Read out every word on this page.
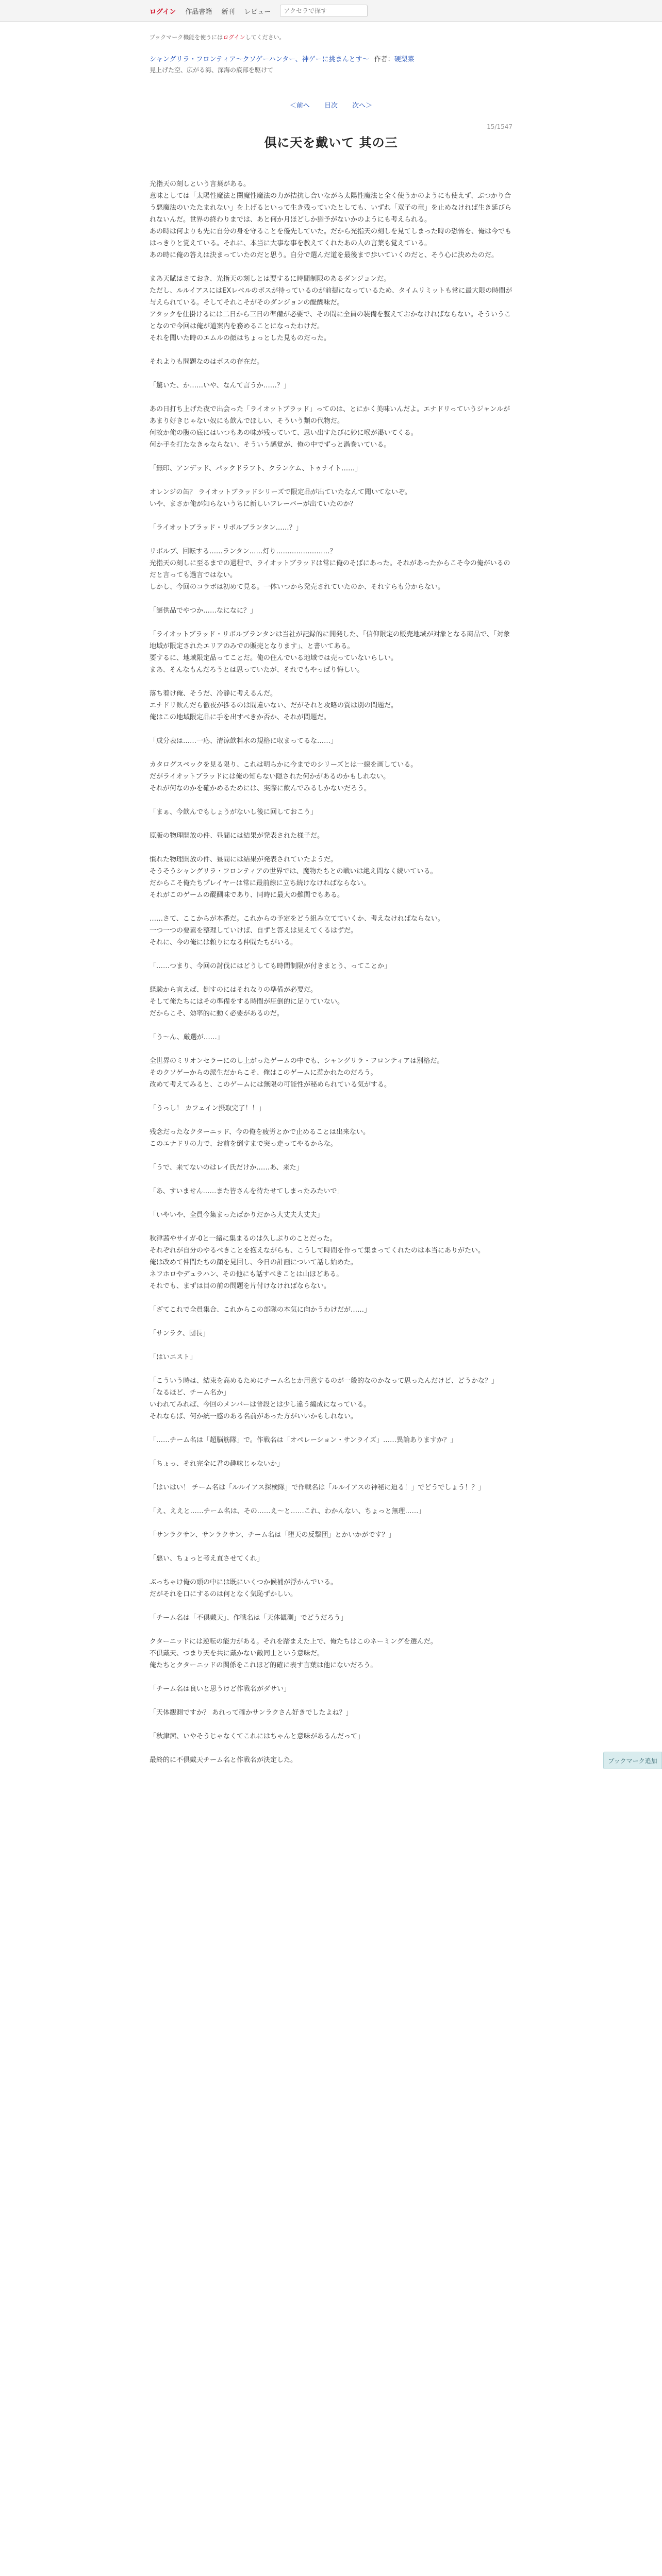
ログイン 作品書籍 新刊 レビュー
アクセラで探す
ブックマーク機能を使うにはログインしてください。
シャングリラ・フロンティア〜クソゲーハンター、神ゲーに挑まんとす〜 作者：硬梨菜
見上げた空、広がる海、深海の底部を駆けて
＜前へ 目次 次へ＞
15/1547
倶に天を戴いて 其の三

光指天の刻しという言葉がある。
意味としては「太陽性魔法と闇魔性魔法の力が拮抗し合いながら太陽性魔法と全く使うかのようにも使えず、ぶつかり合う悪魔法のいたたまれない」を上げるといって生き残っていたとしても、いずれ「双子の竜」を止めなければ生き延びられないんだ。世界の終わりまでは、あと何か月ほどしか猶予がないかのようにも考えられる。
あの時は何よりも先に自分の身を守ることを優先していた。だから光指天の刻しを見てしまった時の恐怖を、俺は今でもはっきりと覚えている。それに、本当に大事な事を教えてくれたあの人の言葉も覚えている。
あの時に俺の答えは決まっていたのだと思う。自分で選んだ道を最後まで歩いていくのだと、そう心に決めたのだ。

まあ天賦はさておき、光指天の刻しとは要するに時間制限のあるダンジョンだ。
ただし、ルルイアスにはEXレベルのボスが待っているのが前提になっているため、タイムリミットも常に最大限の時間が与えられている。そしてそれこそがそのダンジョンの醍醐味だ。
アタックを仕掛けるには二日から三日の準備が必要で、その間に全員の装備を整えておかなければならない。そういうことなので今回は俺が道案内を務めることになったわけだ。
それを聞いた時のエムルの顔はちょっとした見ものだった。

それよりも問題なのはボスの存在だ。

「驚いた、か……いや、なんて言うか……？」

あの日打ち上げた夜で出会った「ライオットブラッド」ってのは、とにかく美味いんだよ。エナドリっていうジャンルがあまり好きじゃない奴にも飲んでほしい、そういう類の代物だ。
何故か俺の腹の底にはいつもあの味が残っていて、思い出すたびに妙に喉が渇いてくる。
何か手を打たなきゃならない、そういう感覚が、俺の中でずっと渦巻いている。

「無印、アンデッド、パックドラフト、クランケム、トゥナイト……」

オレンジの缶？ ライオットブラッドシリーズで限定品が出ていたなんて聞いてないぞ。
いや、まさか俺が知らないうちに新しいフレーバーが出ていたのか？

「ライオットブラッド・リボルブランタン……？」

リボルブ、回転する……ランタン……灯り……………………？
光指天の刻しに至るまでの過程で、ライオットブラッドは常に俺のそばにあった。それがあったからこそ今の俺がいるのだと言っても過言ではない。
しかし、今回のコラボは初めて見る。一体いつから発売されていたのか、それすらも分からない。

「謎供品でやつか……なになに？」

「ライオットブラッド・リボルブランタンは当社が記録的に開発した、「信仰限定の販売地域が対象となる商品で、「対象地域が限定されたエリアのみでの販売となります」、と書いてある。
要するに、地域限定品ってことだ。俺の住んでいる地域では売っていないらしい。
まあ、そんなもんだろうとは思っていたが、それでもやっぱり悔しい。

落ち着け俺、そうだ、冷静に考えるんだ。
エナドリ飲んだら徹夜が捗るのは間違いない、だがそれと攻略の質は別の問題だ。
俺はこの地域限定品に手を出すべきか否か、それが問題だ。

「成分表は……一応、清涼飲料水の規格に収まってるな……」

カタログスペックを見る限り、これは明らかに今までのシリーズとは一線を画している。
だがライオットブラッドには俺の知らない隠された何かがあるのかもしれない。
それが何なのかを確かめるためには、実際に飲んでみるしかないだろう。

「まぁ、今飲んでもしょうがないし後に回しておこう」

原版の物理開放の件、昼間には結果が発表された様子だ。

慣れた物理開放の件、昼間には結果が発表されていたようだ。
そうそうシャングリラ・フロンティアの世界では、魔物たちとの戦いは絶え間なく続いている。
だからこそ俺たちプレイヤーは常に最前線に立ち続けなければならない。
それがこのゲームの醍醐味であり、同時に最大の難関でもある。

……さて、ここからが本番だ。これからの予定をどう組み立てていくか、考えなければならない。
一つ一つの要素を整理していけば、自ずと答えは見えてくるはずだ。
それに、今の俺には頼りになる仲間たちがいる。

「……つまり、今回の討伐にはどうしても時間制限が付きまとう、ってことか」

経験から言えば、倒すのにはそれなりの準備が必要だ。
そして俺たちにはその準備をする時間が圧倒的に足りていない。
だからこそ、効率的に動く必要があるのだ。

「う〜ん、厳選が……」

全世界のミリオンセラーにのし上がったゲームの中でも、シャングリラ・フロンティアは別格だ。
そのクソゲーからの派生だからこそ、俺はこのゲームに惹かれたのだろう。
改めて考えてみると、このゲームには無限の可能性が秘められている気がする。

「うっし！ カフェイン摂取完了！！」

残念だったなクターニッド、今の俺を疲労とかで止めることは出来ない。
このエナドリの力で、お前を倒すまで突っ走ってやるからな。

「うで、来てないのはレイ氏だけか……あ、来た」

「あ、すいません……また皆さんを待たせてしまったみたいで」

「いやいや、全員今集まったばかりだから大丈夫大丈夫」

秋津茜やサイガ-0と一緒に集まるのは久しぶりのことだった。
それぞれが自分のやるべきことを抱えながらも、こうして時間を作って集まってくれたのは本当にありがたい。
俺は改めて仲間たちの顔を見回し、今日の計画について話し始めた。
ネフホロやデュラハン、その他にも話すべきことは山ほどある。
それでも、まずは目の前の問題を片付けなければならない。

「ざてこれで全員集合、これからこの部隊の本気に向かうわけだが……」

「サンラク、団長」

「はいエスト」

「こういう時は、結束を高めるためにチーム名とか用意するのが一般的なのかなって思ったんだけど、どうかな？」
「なるほど、チーム名か」
いわれてみれば、今回のメンバーは普段とは少し違う編成になっている。
それならば、何か統一感のある名前があった方がいいかもしれない。

「……チーム名は「超脳筋隊」で。作戦名は「オペレーション・サンライズ」……異論ありますか？」

「ちょっ、それ完全に君の趣味じゃないか」

「はいはい！ チーム名は「ルルイアス探検隊」で作戦名は「ルルイアスの神秘に迫る！」でどうでしょう！？」

「え、ええと……チーム名は、その……え〜と……これ、わかんない、ちょっと無理……」

「サンラクサン、サンラクサン、チーム名は「堕天の反撃団」とかいかがです？」

「悪い、ちょっと考え直させてくれ」

ぶっちゃけ俺の頭の中には既にいくつか候補が浮かんでいる。
だがそれを口にするのは何となく気恥ずかしい。

「チーム名は「不倶戴天」、作戦名は「天体観測」でどうだろう」

クターニッドには逆転の能力がある。それを踏まえた上で、俺たちはこのネーミングを選んだ。
不倶戴天、つまり天を共に戴かない敵同士という意味だ。
俺たちとクターニッドの関係をこれほど的確に表す言葉は他にないだろう。

「チーム名は良いと思うけど作戦名がダサい」

「天体観測ですか？ あれって確かサンラクさん好きでしたよね？」

「秋津茜、いやそうじゃなくてこれにはちゃんと意味があるんだって」

最終的に不倶戴天チーム名と作戦名が決定した。	ブックマーク追加
